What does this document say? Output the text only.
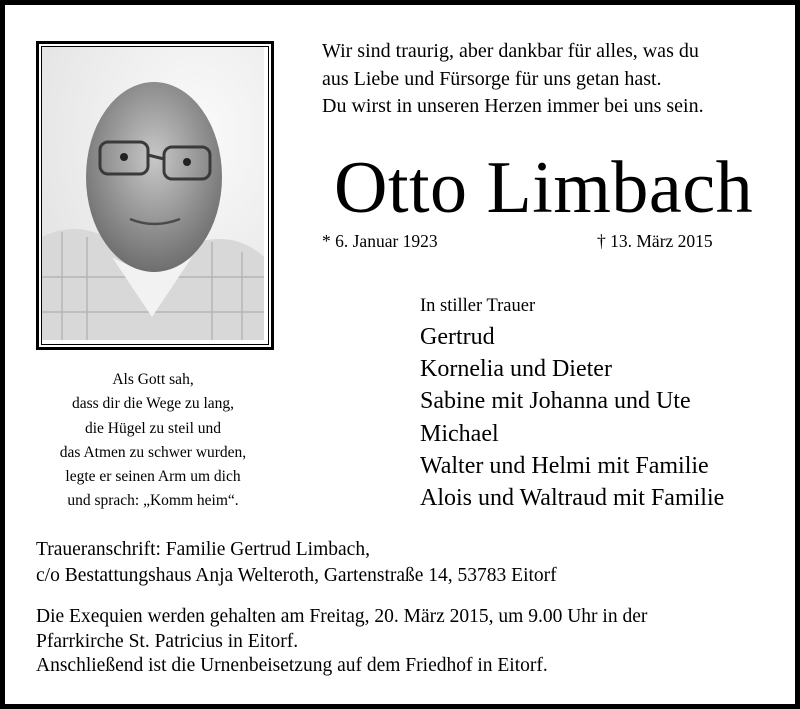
Wir sind traurig, aber dankbar für alles, was du
aus Liebe und Fürsorge für uns getan hast.
Du wirst in unseren Herzen immer bei uns sein.
Otto Limbach
* 6. Januar 1923	† 13. März 2015
In stiller Trauer
Gertrud
Kornelia und Dieter
Sabine mit Johanna und Ute
Michael
Walter und Helmi mit Familie
Alois und Waltraud mit Familie
Als Gott sah,
dass dir die Wege zu lang,
die Hügel zu steil und
das Atmen zu schwer wurden,
legte er seinen Arm um dich
und sprach: „Komm heim“.
Traueranschrift: Familie Gertrud Limbach,
c/o Bestattungshaus Anja Welteroth, Gartenstraße 14, 53783 Eitorf
Die Exequien werden gehalten am Freitag, 20. März 2015, um 9.00 Uhr in der
Pfarrkirche St. Patricius in Eitorf.
Anschließend ist die Urnenbeisetzung auf dem Friedhof in Eitorf.
